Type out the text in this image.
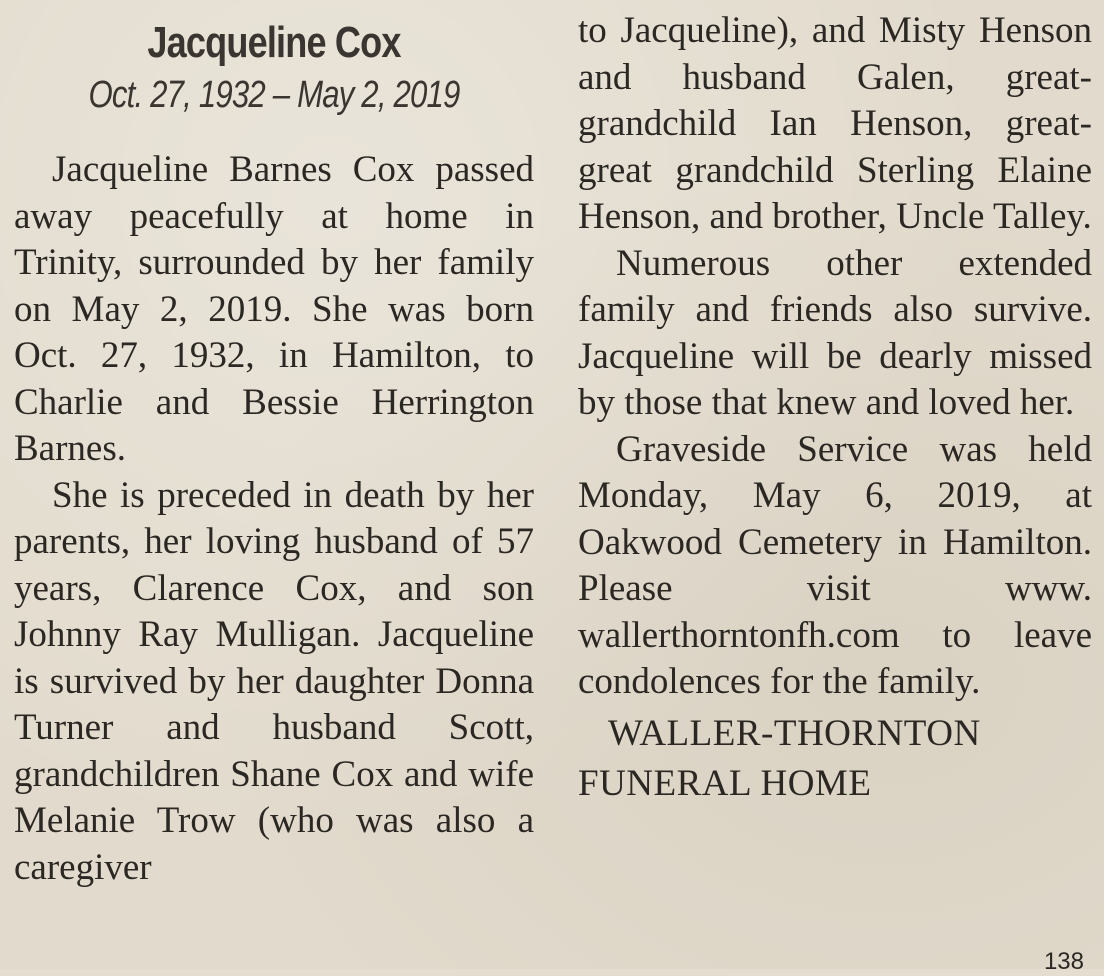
Jacqueline Cox
Oct. 27, 1932 – May 2, 2019

Jacqueline Barnes Cox passed away peacefully at home in Trinity, surrounded by her family on May 2, 2019. She was born Oct. 27, 1932, in Hamilton, to Charlie and Bessie Herrington Barnes.

She is preceded in death by her parents, her loving husband of 57 years, Clarence Cox, and son Johnny Ray Mulligan. Jacqueline is survived by her daughter Donna Turner and husband Scott, grandchildren Shane Cox and wife Melanie Trow (who was also a caregiver

to Jacqueline), and Misty Henson and husband Galen, great-grandchild Ian Henson, great-great grandchild Sterling Elaine Henson, and brother, Uncle Talley.

Numerous other extended family and friends also survive. Jacqueline will be dearly missed by those that knew and loved her.

Graveside Service was held Monday, May 6, 2019, at Oakwood Cemetery in Hamilton. Please visit www. wallerthorntonfh.com to leave condolences for the family.

WALLER-THORNTON
FUNERAL HOME
138
